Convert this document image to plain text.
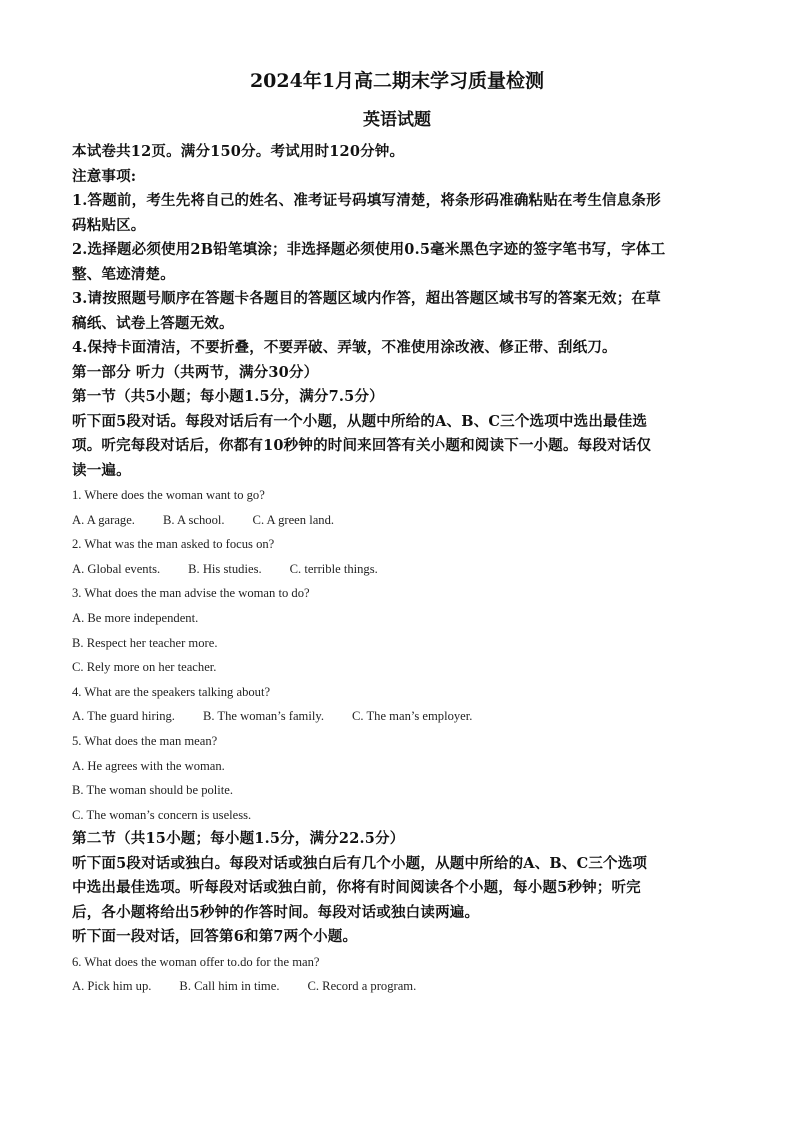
2024年1月高二期末学习质量检测
英语试题

本试卷共12页。满分150分。考试用时120分钟。

注意事项:

1.答题前，考生先将自己的姓名、准考证号码填写清楚，将条形码准确粘贴在考生信息条形

码粘贴区。

2.选择题必须使用2B铅笔填涂；非选择题必须使用0.5毫米黑色字迹的签字笔书写，字体工

整、笔迹清楚。

3.请按照题号顺序在答题卡各题目的答题区域内作答，超出答题区域书写的答案无效；在草

稿纸、试卷上答题无效。

4.保持卡面清洁，不要折叠，不要弄破、弄皱，不准使用涂改液、修正带、刮纸刀。

第一部分 听力（共两节，满分30分）

第一节（共5小题；每小题1.5分，满分7.5分）

听下面5段对话。每段对话后有一个小题，从题中所给的A、B、C三个选项中选出最佳选

项。听完每段对话后，你都有10秒钟的时间来回答有关小题和阅读下一小题。每段对话仅

读一遍。

1. Where does the woman want to go?

A. A garage. B. A school. C. A green land.

2. What was the man asked to focus on?

A. Global events. B. His studies. C. terrible things.

3. What does the man advise the woman to do?

A. Be more independent.

B. Respect her teacher more.

C. Rely more on her teacher.

4. What are the speakers talking about?

A. The guard hiring. B. The woman’s family. C. The man’s employer.

5. What does the man mean?

A. He agrees with the woman.

B. The woman should be polite.

C. The woman’s concern is useless.

第二节（共15小题；每小题1.5分，满分22.5分）

听下面5段对话或独白。每段对话或独白后有几个小题，从题中所给的A、B、C三个选项

中选出最佳选项。听每段对话或独白前，你将有时间阅读各个小题，每小题5秒钟；听完

后，各小题将给出5秒钟的作答时间。每段对话或独白读两遍。

听下面一段对话，回答第6和第7两个小题。

6. What does the woman offer to.do for the man?

A. Pick him up. B. Call him in time. C. Record a program.
